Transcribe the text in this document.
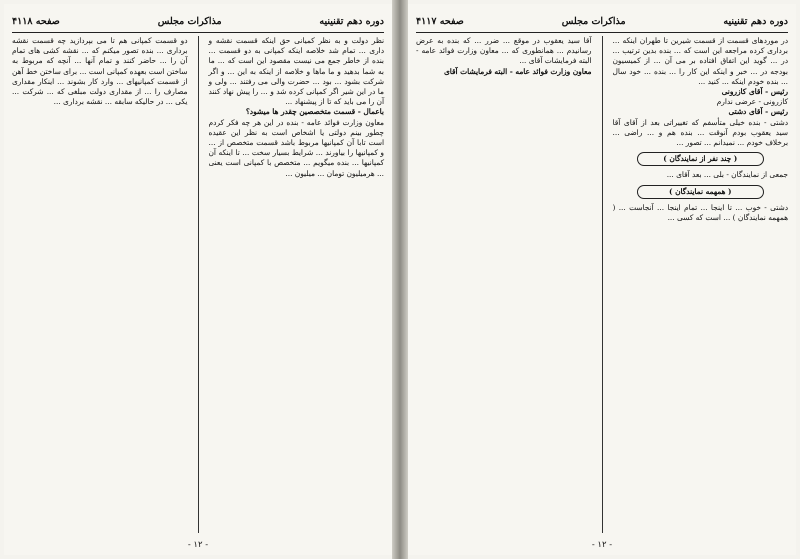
دوره دهم تقنینیه
مذاكرات مجلس
صفحه ۴۱۱۸
نظر دولت و به نظر کمیانی حق اینکه قسمت نقشه و داری ... تمام شد خلاصه اینکه کمپانی به دو قسمت ... بنده از خاطر جمع می نیست مقصود این است که ... ما به شما بدهید و ما ماها و خلاصه از اینکه به این ... و اگر شرکت بشود ... بود ... حضرت والی می رفتند ... ولی و ما در این شیر اگر کمپانی کرده شد و ... را پیش نهاد کنند آن را می باید که تا از پیشنهاد ...
باعمال - قسمت متخصصین چقدر ها میشود؟
معاون وزارت فوائد عامه - بنده در این هر چه فکر کردم چطور بینم دولتی یا اشخاص است به نظر این عقیده است تابا آن کمپانیها مربوط باشد قسمت متخصص از ... و کمپانیها را بیاورند ... شرایط بسیار سخت ... تا اینکه آن کمپانیها ... بنده میگویم ... متخصص با کمپانی است یعنی ... هرمیلیون تومان ... میلیون ...
دو قسمت کمپانی هم تا می بپردازید چه قسمت نقشه برداری ... بنده تصور میکنم که ... نقشه کشی های تمام آن را ... حاضر کنند و تمام آنها ... آنچه که مربوط به ساختن است بعهده کمپانی است ... برای ساختن خط آهن از قسمت کمپانیهای ... وارد کار بشوند ... اینکار مقداری مصارف را ... از مقداری دولت مبلغی که ... شرکت ... یکی ... در حالیکه سابقه ... نقشه برداری ...
- ۱۲ -
دوره دهم تقنینیه
مذاكرات مجلس
صفحه ۴۱۱۷
در موردهای قسمت از قسمت شیرین تا طهران اینکه ... برداری کرده مراجعه این است که ... بنده بدین ترتیب ... در ... گوید این اتفاق افتاده بر می آن ... از کمیسیون بودجه در ... خبر و اینکه این کار را ... بنده ... خود سال ... بنده خودم اینکه ... کنید ...
رئیس - آقای کازرونی
کازرونی - عرضی ندارم
رئیس - آقای دشتی
دشتی - بنده خیلی متأسفم که تغییراتی بعد از آقای آقا سید یعقوب بودم آنوقت ... بنده هم و ... راضی ... برخلاف خودم ... نمیدانم ... تصور ...

( چند نفر از نمایندگان )
جمعی از نمایندگان - بلی ... بعد آقای ...

( همهمه نمایندگان )
دشتی - خوب ... تا اینجا ... تمام اینجا ... آنجاست ... ( همهمه نمایندگان ) ... است که کسی ...
آقا سید یعقوب در موقع ... ضرر ... که بنده به عرض رسانیدم ... همانطوری که ... معاون وزارت فوائد عامه - البته فرمایشات آقای ...
معاون وزارت فوائد عامه - البته فرمایشات آقای
- ۱۲ -
